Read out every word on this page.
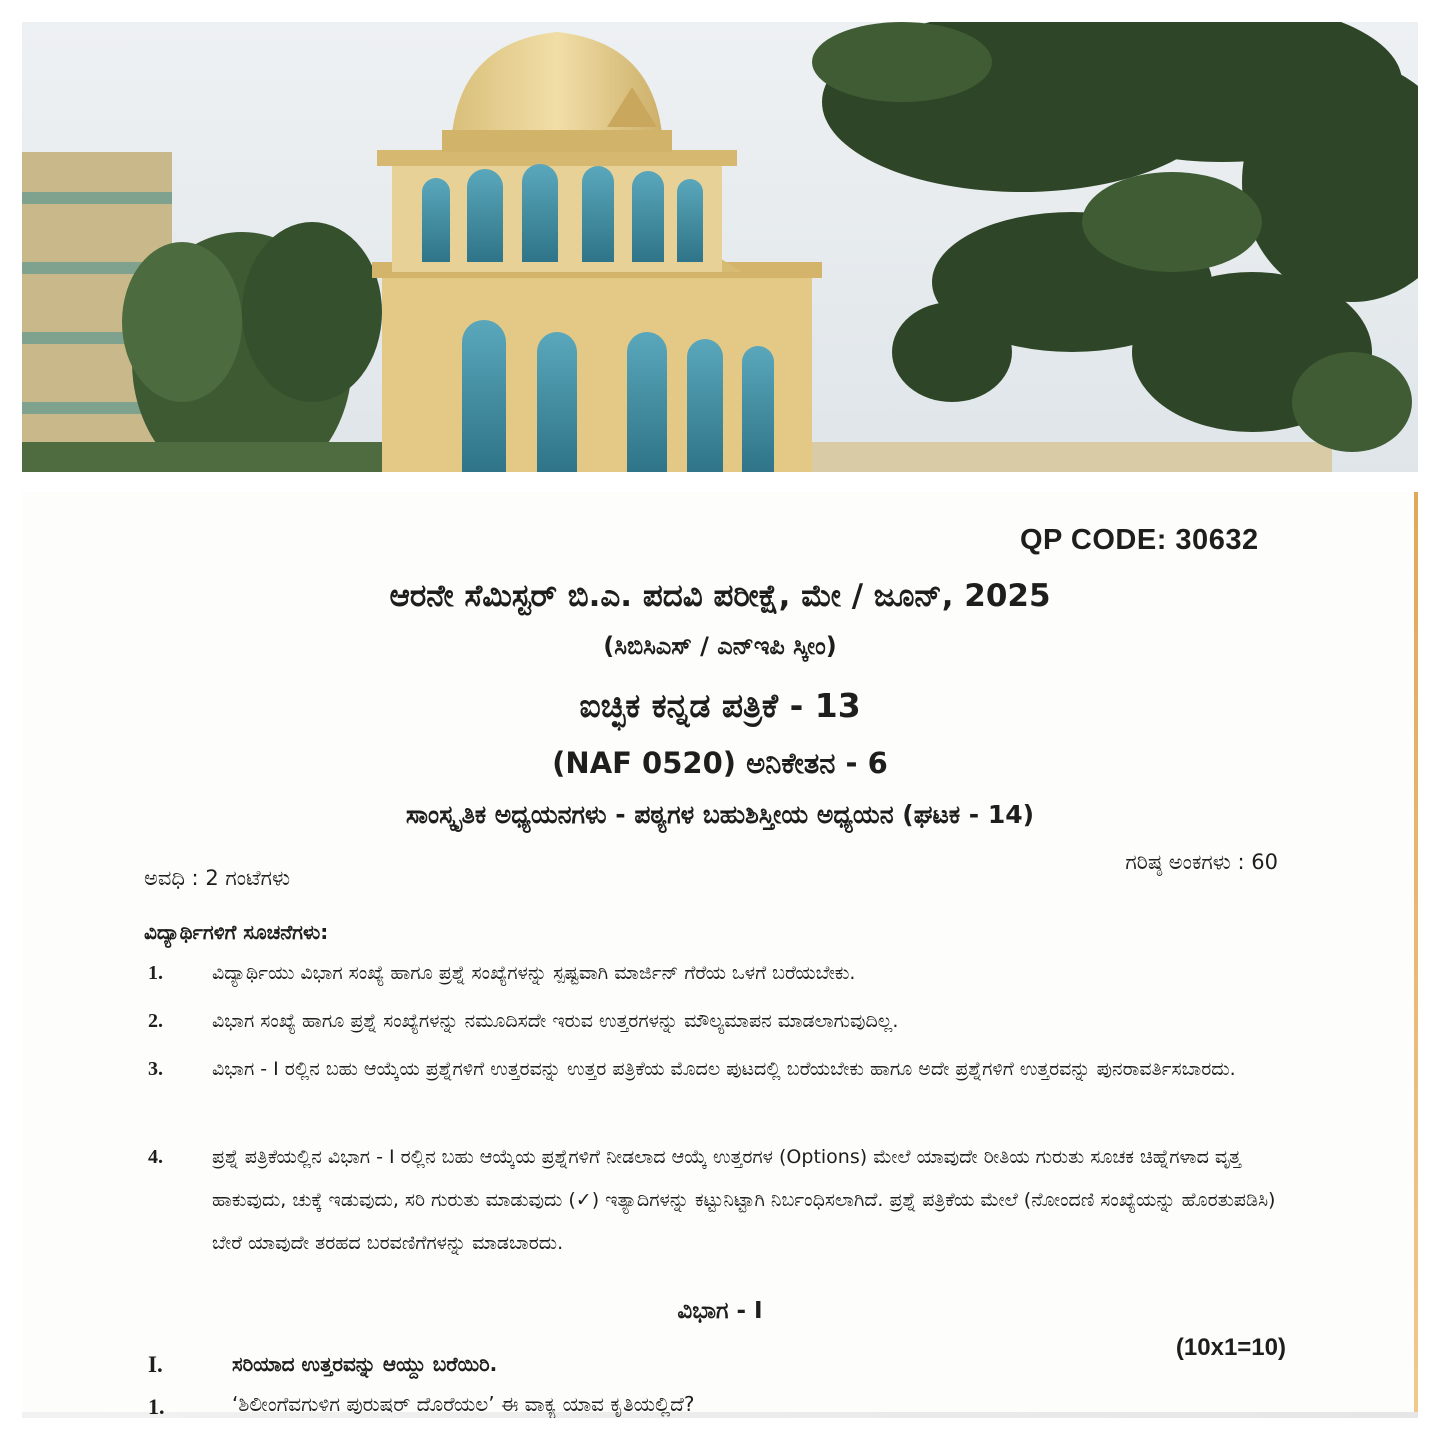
QP CODE: 30632
ಆರನೇ ಸೆಮಿಸ್ಟರ್ ಬಿ.ಎ. ಪದವಿ ಪರೀಕ್ಷೆ, ಮೇ / ಜೂನ್, 2025
(ಸಿಬಿಸಿಎಸ್ / ಎನ್‌ಇಪಿ ಸ್ಕೀಂ)
ಐಚ್ಛಿಕ ಕನ್ನಡ ಪತ್ರಿಕೆ - 13
(NAF 0520) ಅನಿಕೇತನ - 6
ಸಾಂಸ್ಕೃತಿಕ ಅಧ್ಯಯನಗಳು - ಪಠ್ಯಗಳ ಬಹುಶಿಸ್ತೀಯ ಅಧ್ಯಯನ (ಘಟಕ - 14)
ಅವಧಿ : 2 ಗಂಟೆಗಳು
ಗರಿಷ್ಠ ಅಂಕಗಳು : 60
ವಿದ್ಯಾರ್ಥಿಗಳಿಗೆ ಸೂಚನೆಗಳು:
1.	ವಿದ್ಯಾರ್ಥಿಯು ವಿಭಾಗ ಸಂಖ್ಯೆ ಹಾಗೂ ಪ್ರಶ್ನೆ ಸಂಖ್ಯೆಗಳನ್ನು ಸ್ಪಷ್ಟವಾಗಿ ಮಾರ್ಜಿನ್ ಗೆರೆಯ ಒಳಗೆ ಬರೆಯಬೇಕು.
2.	ವಿಭಾಗ ಸಂಖ್ಯೆ ಹಾಗೂ ಪ್ರಶ್ನೆ ಸಂಖ್ಯೆಗಳನ್ನು ನಮೂದಿಸದೇ ಇರುವ ಉತ್ತರಗಳನ್ನು ಮೌಲ್ಯಮಾಪನ ಮಾಡಲಾಗುವುದಿಲ್ಲ.
3.	ವಿಭಾಗ - I ರಲ್ಲಿನ ಬಹು ಆಯ್ಕೆಯ ಪ್ರಶ್ನೆಗಳಿಗೆ ಉತ್ತರವನ್ನು ಉತ್ತರ ಪತ್ರಿಕೆಯ ಮೊದಲ ಪುಟದಲ್ಲಿ ಬರೆಯಬೇಕು ಹಾಗೂ ಅದೇ ಪ್ರಶ್ನೆಗಳಿಗೆ ಉತ್ತರವನ್ನು ಪುನರಾವರ್ತಿಸಬಾರದು.
4.	ಪ್ರಶ್ನೆ ಪತ್ರಿಕೆಯಲ್ಲಿನ ವಿಭಾಗ - I ರಲ್ಲಿನ ಬಹು ಆಯ್ಕೆಯ ಪ್ರಶ್ನೆಗಳಿಗೆ ನೀಡಲಾದ ಆಯ್ಕೆ ಉತ್ತರಗಳ (Options) ಮೇಲೆ ಯಾವುದೇ ರೀತಿಯ ಗುರುತು ಸೂಚಕ ಚಿಹ್ನೆಗಳಾದ ವೃತ್ತ ಹಾಕುವುದು, ಚುಕ್ಕೆ ಇಡುವುದು, ಸರಿ ಗುರುತು ಮಾಡುವುದು (✓) ಇತ್ಯಾದಿಗಳನ್ನು ಕಟ್ಟುನಿಟ್ಟಾಗಿ ನಿರ್ಬಂಧಿಸಲಾಗಿದೆ. ಪ್ರಶ್ನೆ ಪತ್ರಿಕೆಯ ಮೇಲೆ (ನೋಂದಣಿ ಸಂಖ್ಯೆಯನ್ನು ಹೊರತುಪಡಿಸಿ) ಬೇರೆ ಯಾವುದೇ ತರಹದ ಬರವಣಿಗೆಗಳನ್ನು ಮಾಡಬಾರದು.
ವಿಭಾಗ - I
I.	ಸರಿಯಾದ ಉತ್ತರವನ್ನು ಆಯ್ದು ಬರೆಯಿರಿ.
(10x1=10)
1.	‘ಶಿಲೀಂಗೆವಗುಳಿಗ ಪುರುಷರ್ ದೊರೆಯಲ’ ಈ ವಾಕ್ಯ ಯಾವ ಕೃತಿಯಲ್ಲಿದೆ?
